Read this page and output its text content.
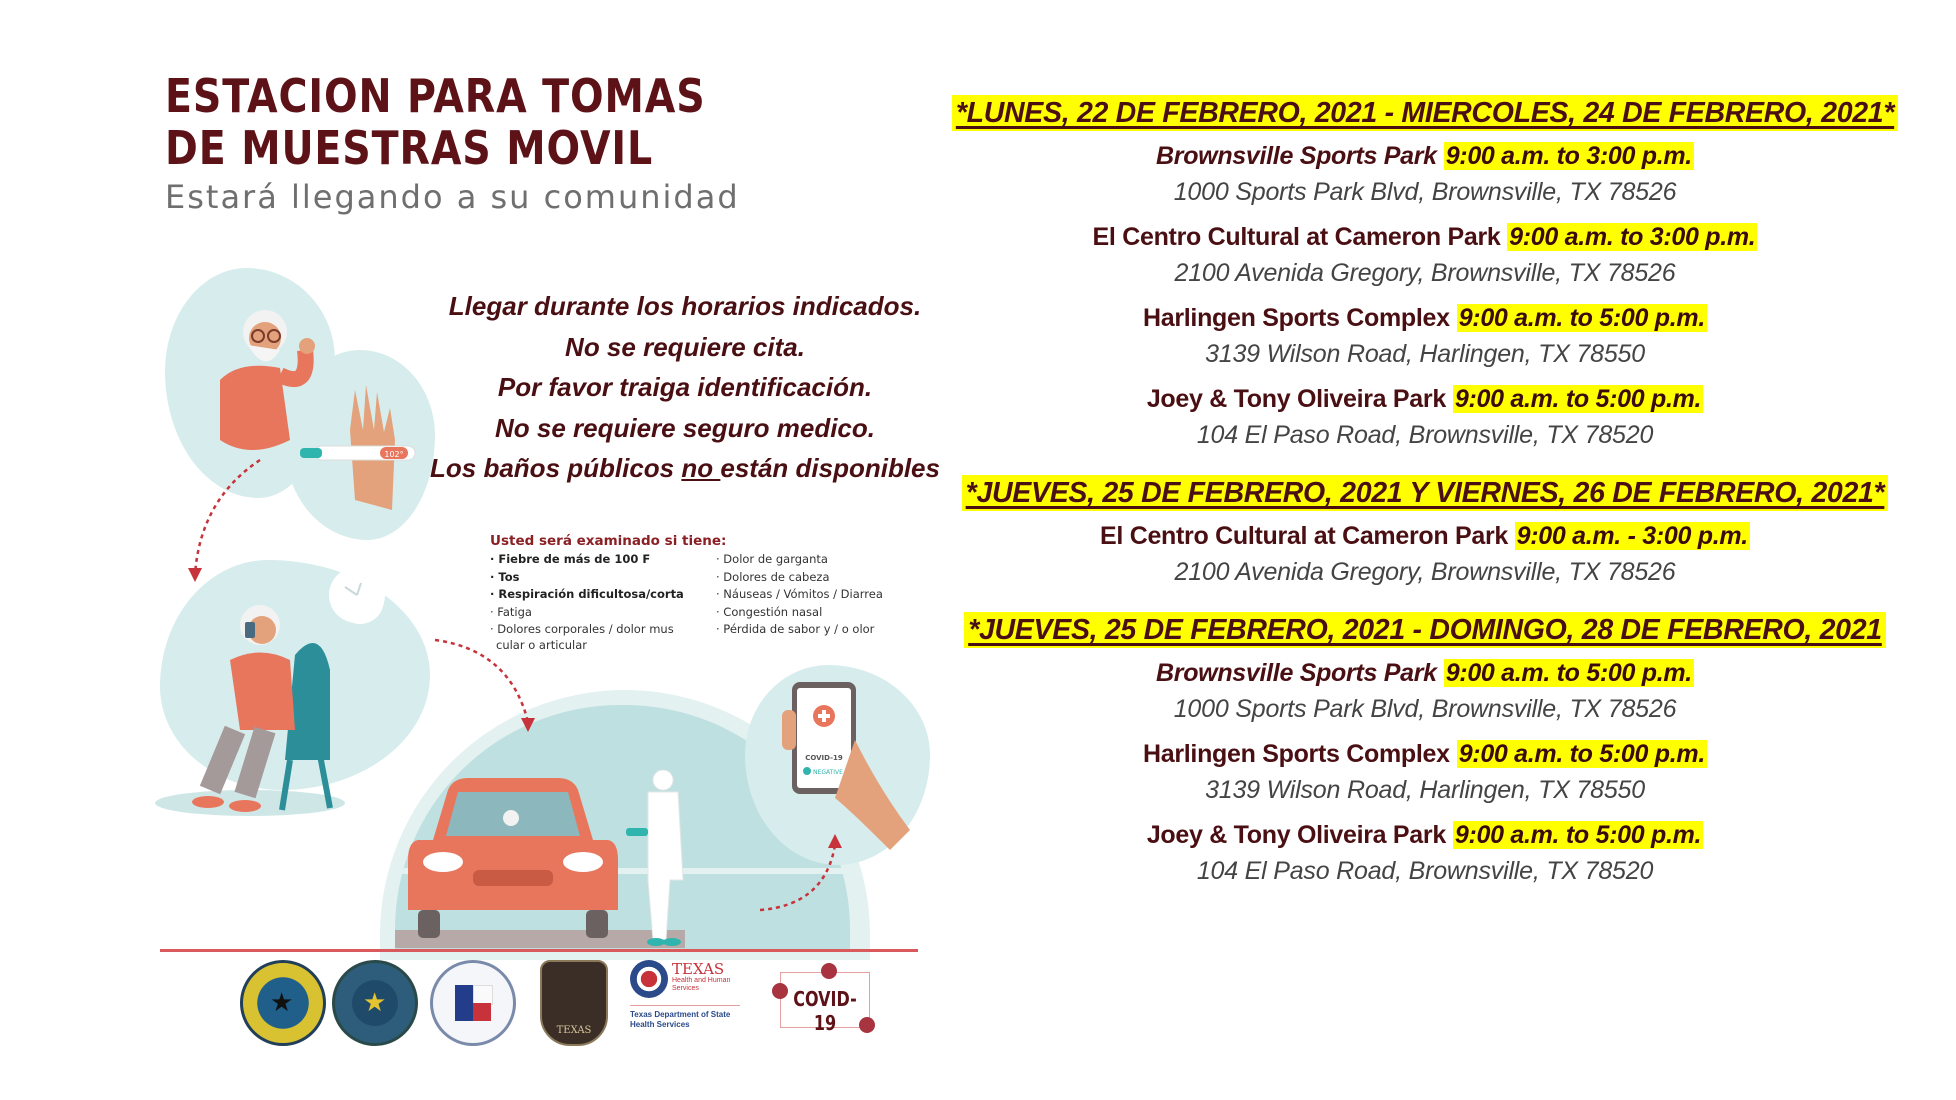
ESTACION PARA TOMAS
DE MUESTRAS MOVIL
Estará llegando a su comunidad
102°
COVID-19
NEGATIVE
Llegar durante los horarios indicados.
No se requiere cita.
Por favor traiga identificación.
No se requiere seguro medico.
Los baños públicos no están disponibles
Usted será examinado si tiene:
· Fiebre de más de 100 F
· Tos
· Respiración dificultosa/corta
· Fatiga
· Dolores corporales / dolor mus
cular o articular
· Dolor de garganta
· Dolores de cabeza
· Náuseas / Vómitos / Diarrea
· Congestión nasal
· Pérdida de sabor y / o olor
★	★
TEXAS
TEXAS
Health and Human
Services
Texas Department of State
Health Services
COVID-19
*LUNES, 22 DE FEBRERO, 2021 - MIERCOLES, 24 DE FEBRERO, 2021*
Brownsville Sports Park 9:00 a.m. to 3:00 p.m.
1000 Sports Park Blvd, Brownsville, TX 78526
El Centro Cultural at Cameron Park 9:00 a.m. to 3:00 p.m.
2100 Avenida Gregory, Brownsville, TX 78526
Harlingen Sports Complex 9:00 a.m. to 5:00 p.m.
3139 Wilson Road, Harlingen, TX 78550
Joey & Tony Oliveira Park 9:00 a.m. to 5:00 p.m.
104 El Paso Road, Brownsville, TX 78520
*JUEVES, 25 DE FEBRERO, 2021 Y VIERNES, 26 DE FEBRERO, 2021*
El Centro Cultural at Cameron Park 9:00 a.m. - 3:00 p.m.
2100 Avenida Gregory, Brownsville, TX 78526
*JUEVES, 25 DE FEBRERO, 2021 - DOMINGO, 28 DE FEBRERO, 2021
Brownsville Sports Park 9:00 a.m. to 5:00 p.m.
1000 Sports Park Blvd, Brownsville, TX 78526
Harlingen Sports Complex 9:00 a.m. to 5:00 p.m.
3139 Wilson Road, Harlingen, TX 78550
Joey & Tony Oliveira Park 9:00 a.m. to 5:00 p.m.
104 El Paso Road, Brownsville, TX 78520
